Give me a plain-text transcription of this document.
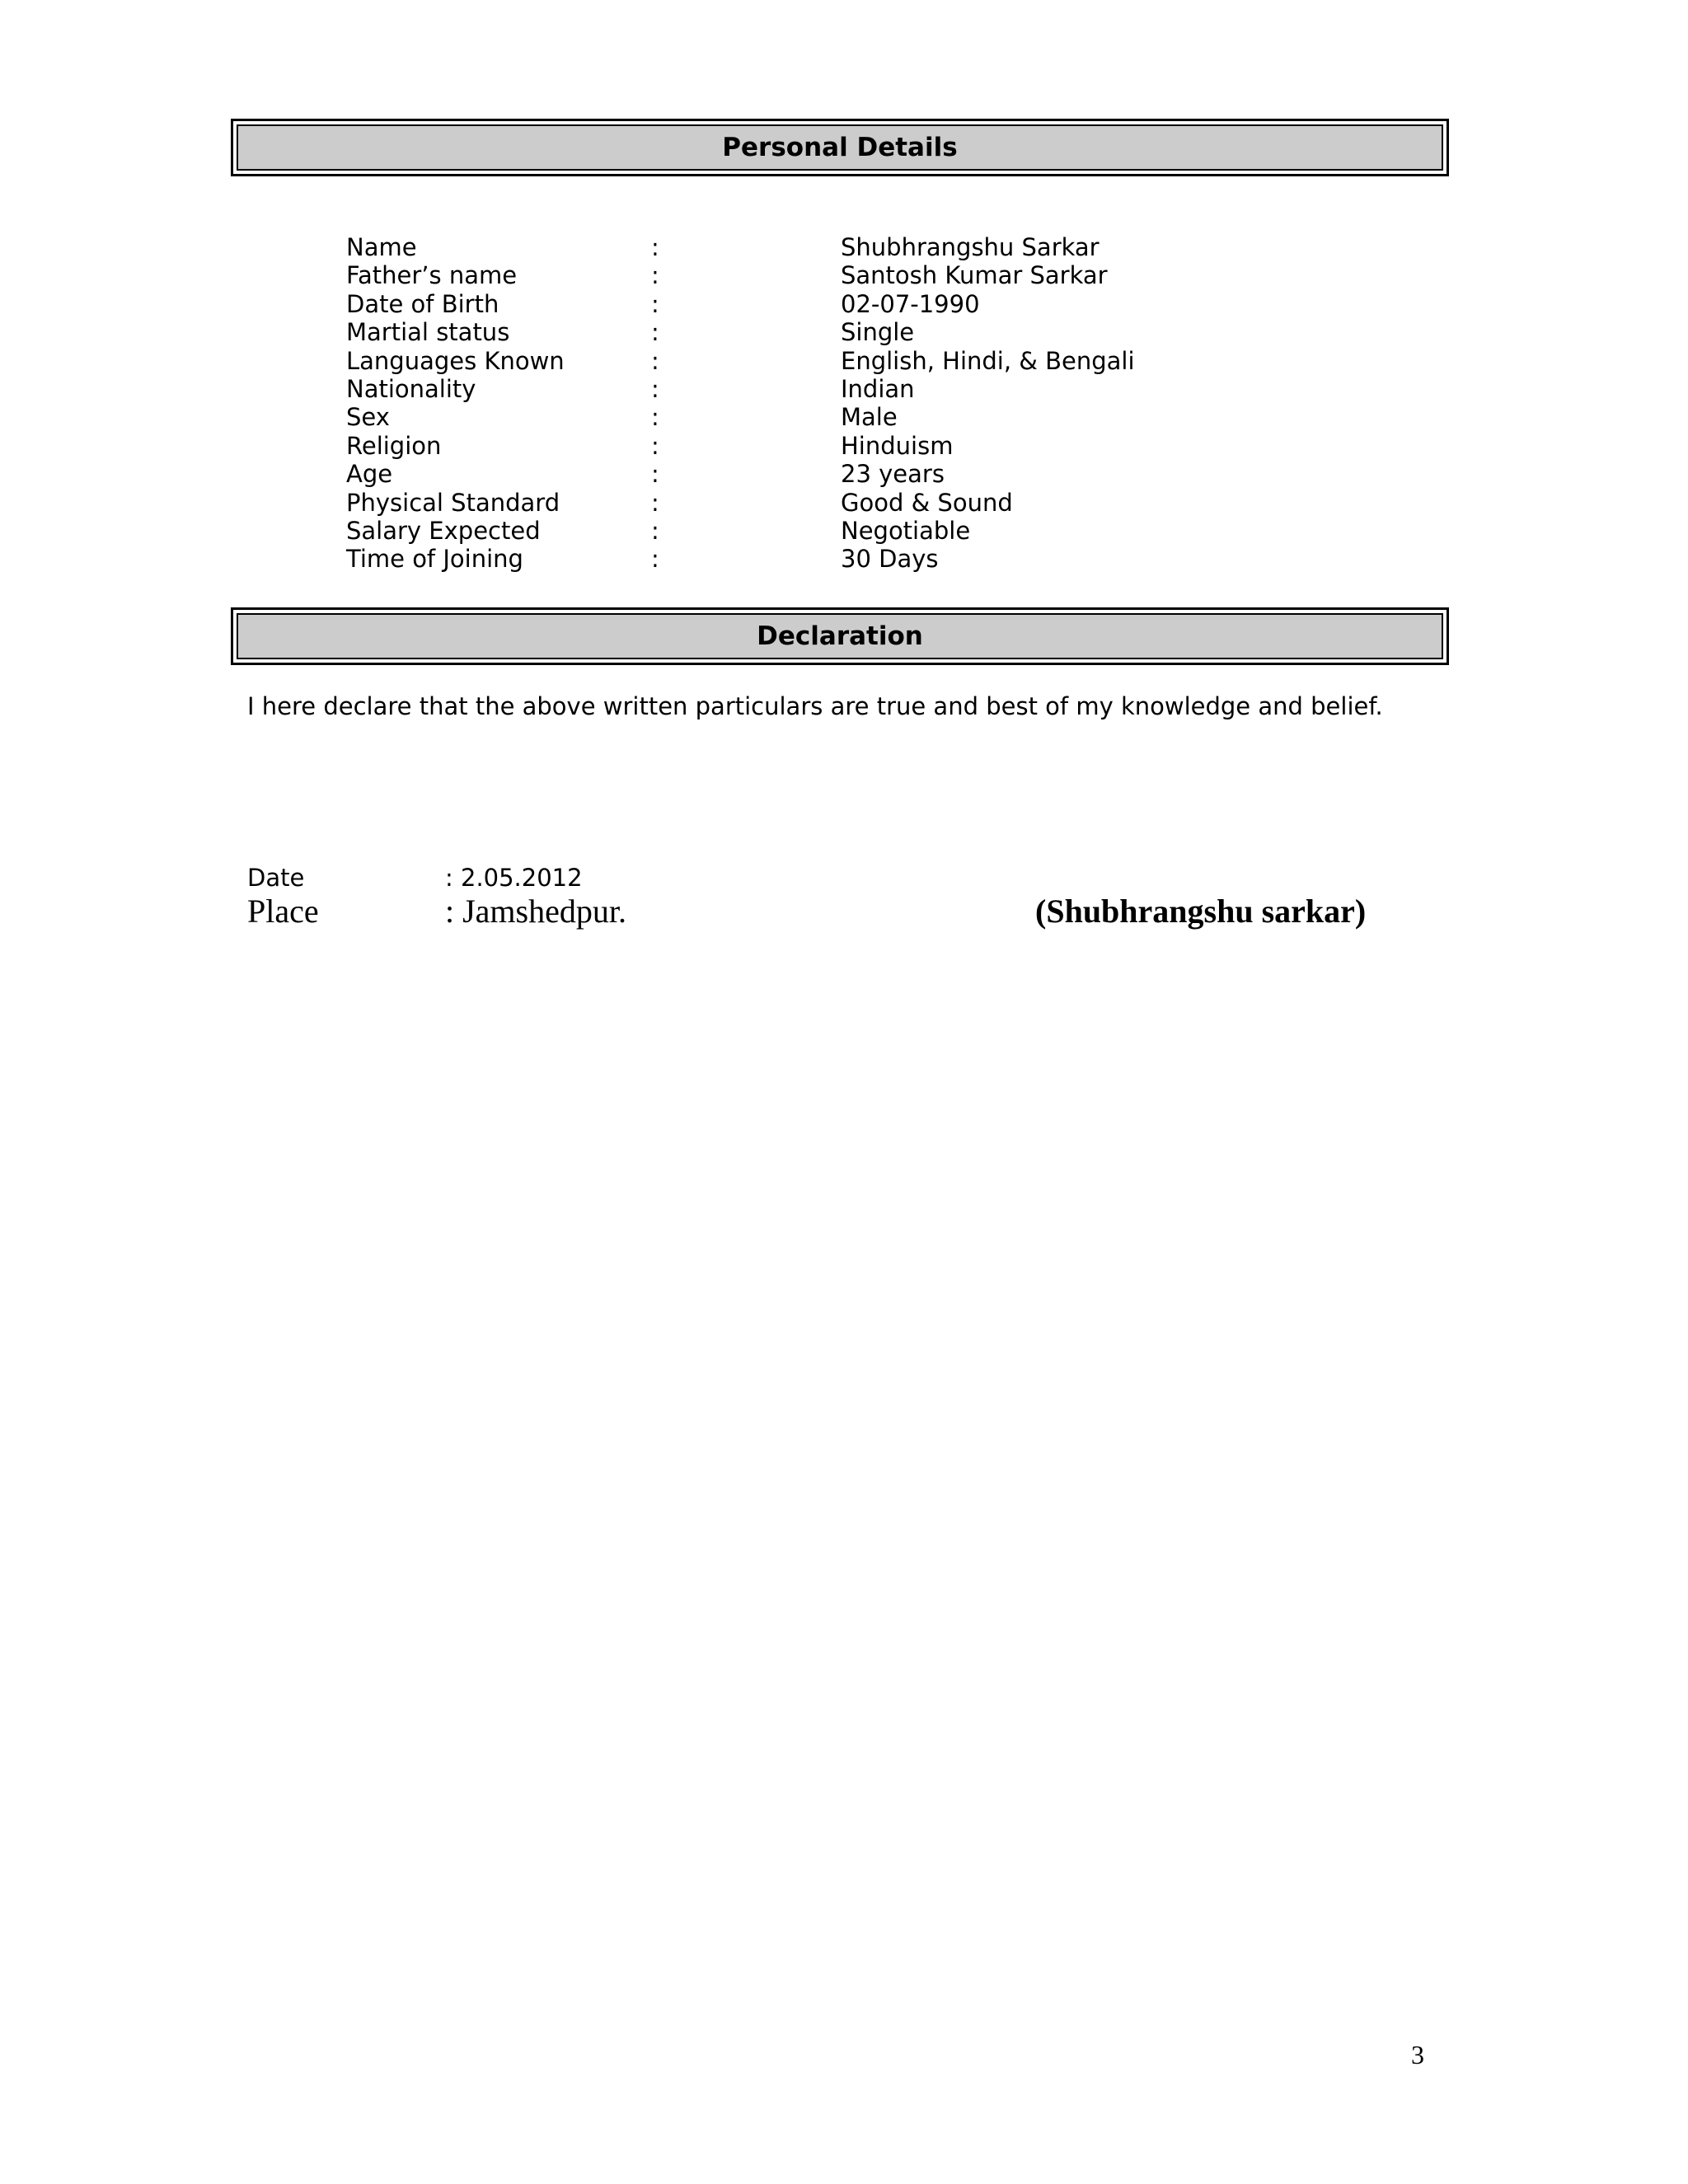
Personal Details
Name	:	Shubhrangshu Sarkar
Father’s name	:	Santosh Kumar Sarkar
Date of Birth	:	02-07-1990
Martial status	:	Single
Languages Known	:	English, Hindi, & Bengali
Nationality	:	Indian
Sex	:	Male
Religion	:	Hinduism
Age	:	23 years
Physical Standard	:	Good & Sound
Salary Expected	:	Negotiable
Time of Joining	:	30 Days
Declaration
I here declare that the above written particulars are true and best of my knowledge and belief.
Date	: 2.05.2012
Place	: Jamshedpur.	(Shubhrangshu sarkar)
3
